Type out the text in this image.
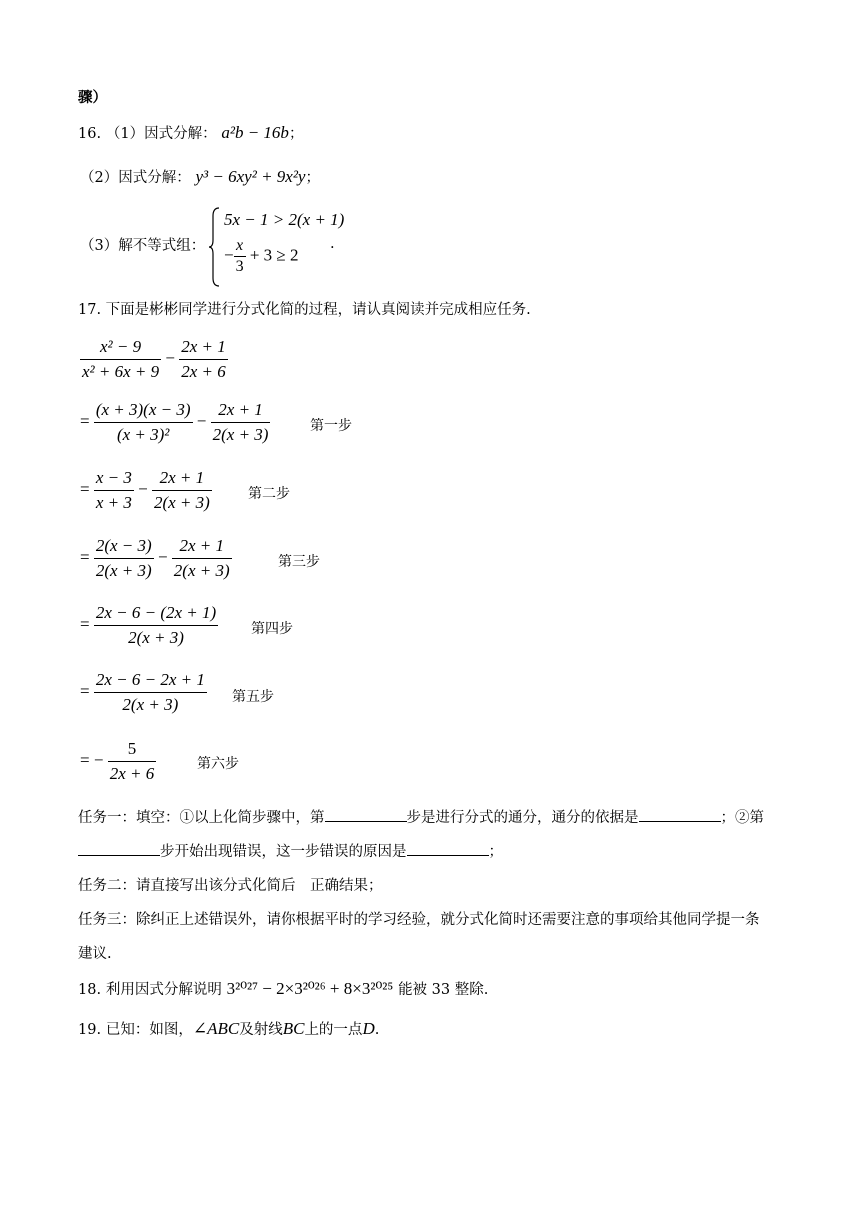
骤）
16. （1）因式分解： a²b − 16b；
（2）因式分解： y³ − 6xy² + 9x²y；
（3）解不等式组：
5x − 1 > 2(x + 1)
− $\frac{x}{3} + 3 \ge 2$
.
17. 下面是彬彬同学进行分式化简的过程，请认真阅读并完成相应任务.
$\frac{\text{x² − 9}}{\text{x² + 6x + 9}} - \frac{2x + 1}{2x + 6}$
= $\frac{(x + 3)(x - 3)}{\text{(x + 3)²}} - \frac{2x + 1}{2(x + 3)}$	第一步
= $\frac{x - 3}{x + 3} - \frac{2x + 1}{2(x + 3)}$	第二步
= $\frac{2(x - 3)}{2(x + 3)} - \frac{2x + 1}{2(x + 3)}$	第三步
= $\frac{2x - 6 - (2x + 1)}{2(x + 3)}$ 第四步
= $\frac{2x - 6 - 2x + 1}{2(x + 3)}$ 第五步
= − $\frac{5}{2x + 6}$	第六步
任务一：填空：①以上化简步骤中，第	步是进行分式的通分，通分的依据是	；②第
步开始出现错误，这一步错误的原因是	；
任务二：请直接写出该分式化简后　正确结果；
任务三：除纠正上述错误外，请你根据平时的学习经验，就分式化简时还需要注意的事项给其他同学提一条
建议.
18. 利用因式分解说明 3²⁰²⁷ − 2×3²⁰²⁶ + 8×3²⁰²⁵ 能被 33 整除.
19. 已知：如图，∠ABC及射线BC上的一点D.
